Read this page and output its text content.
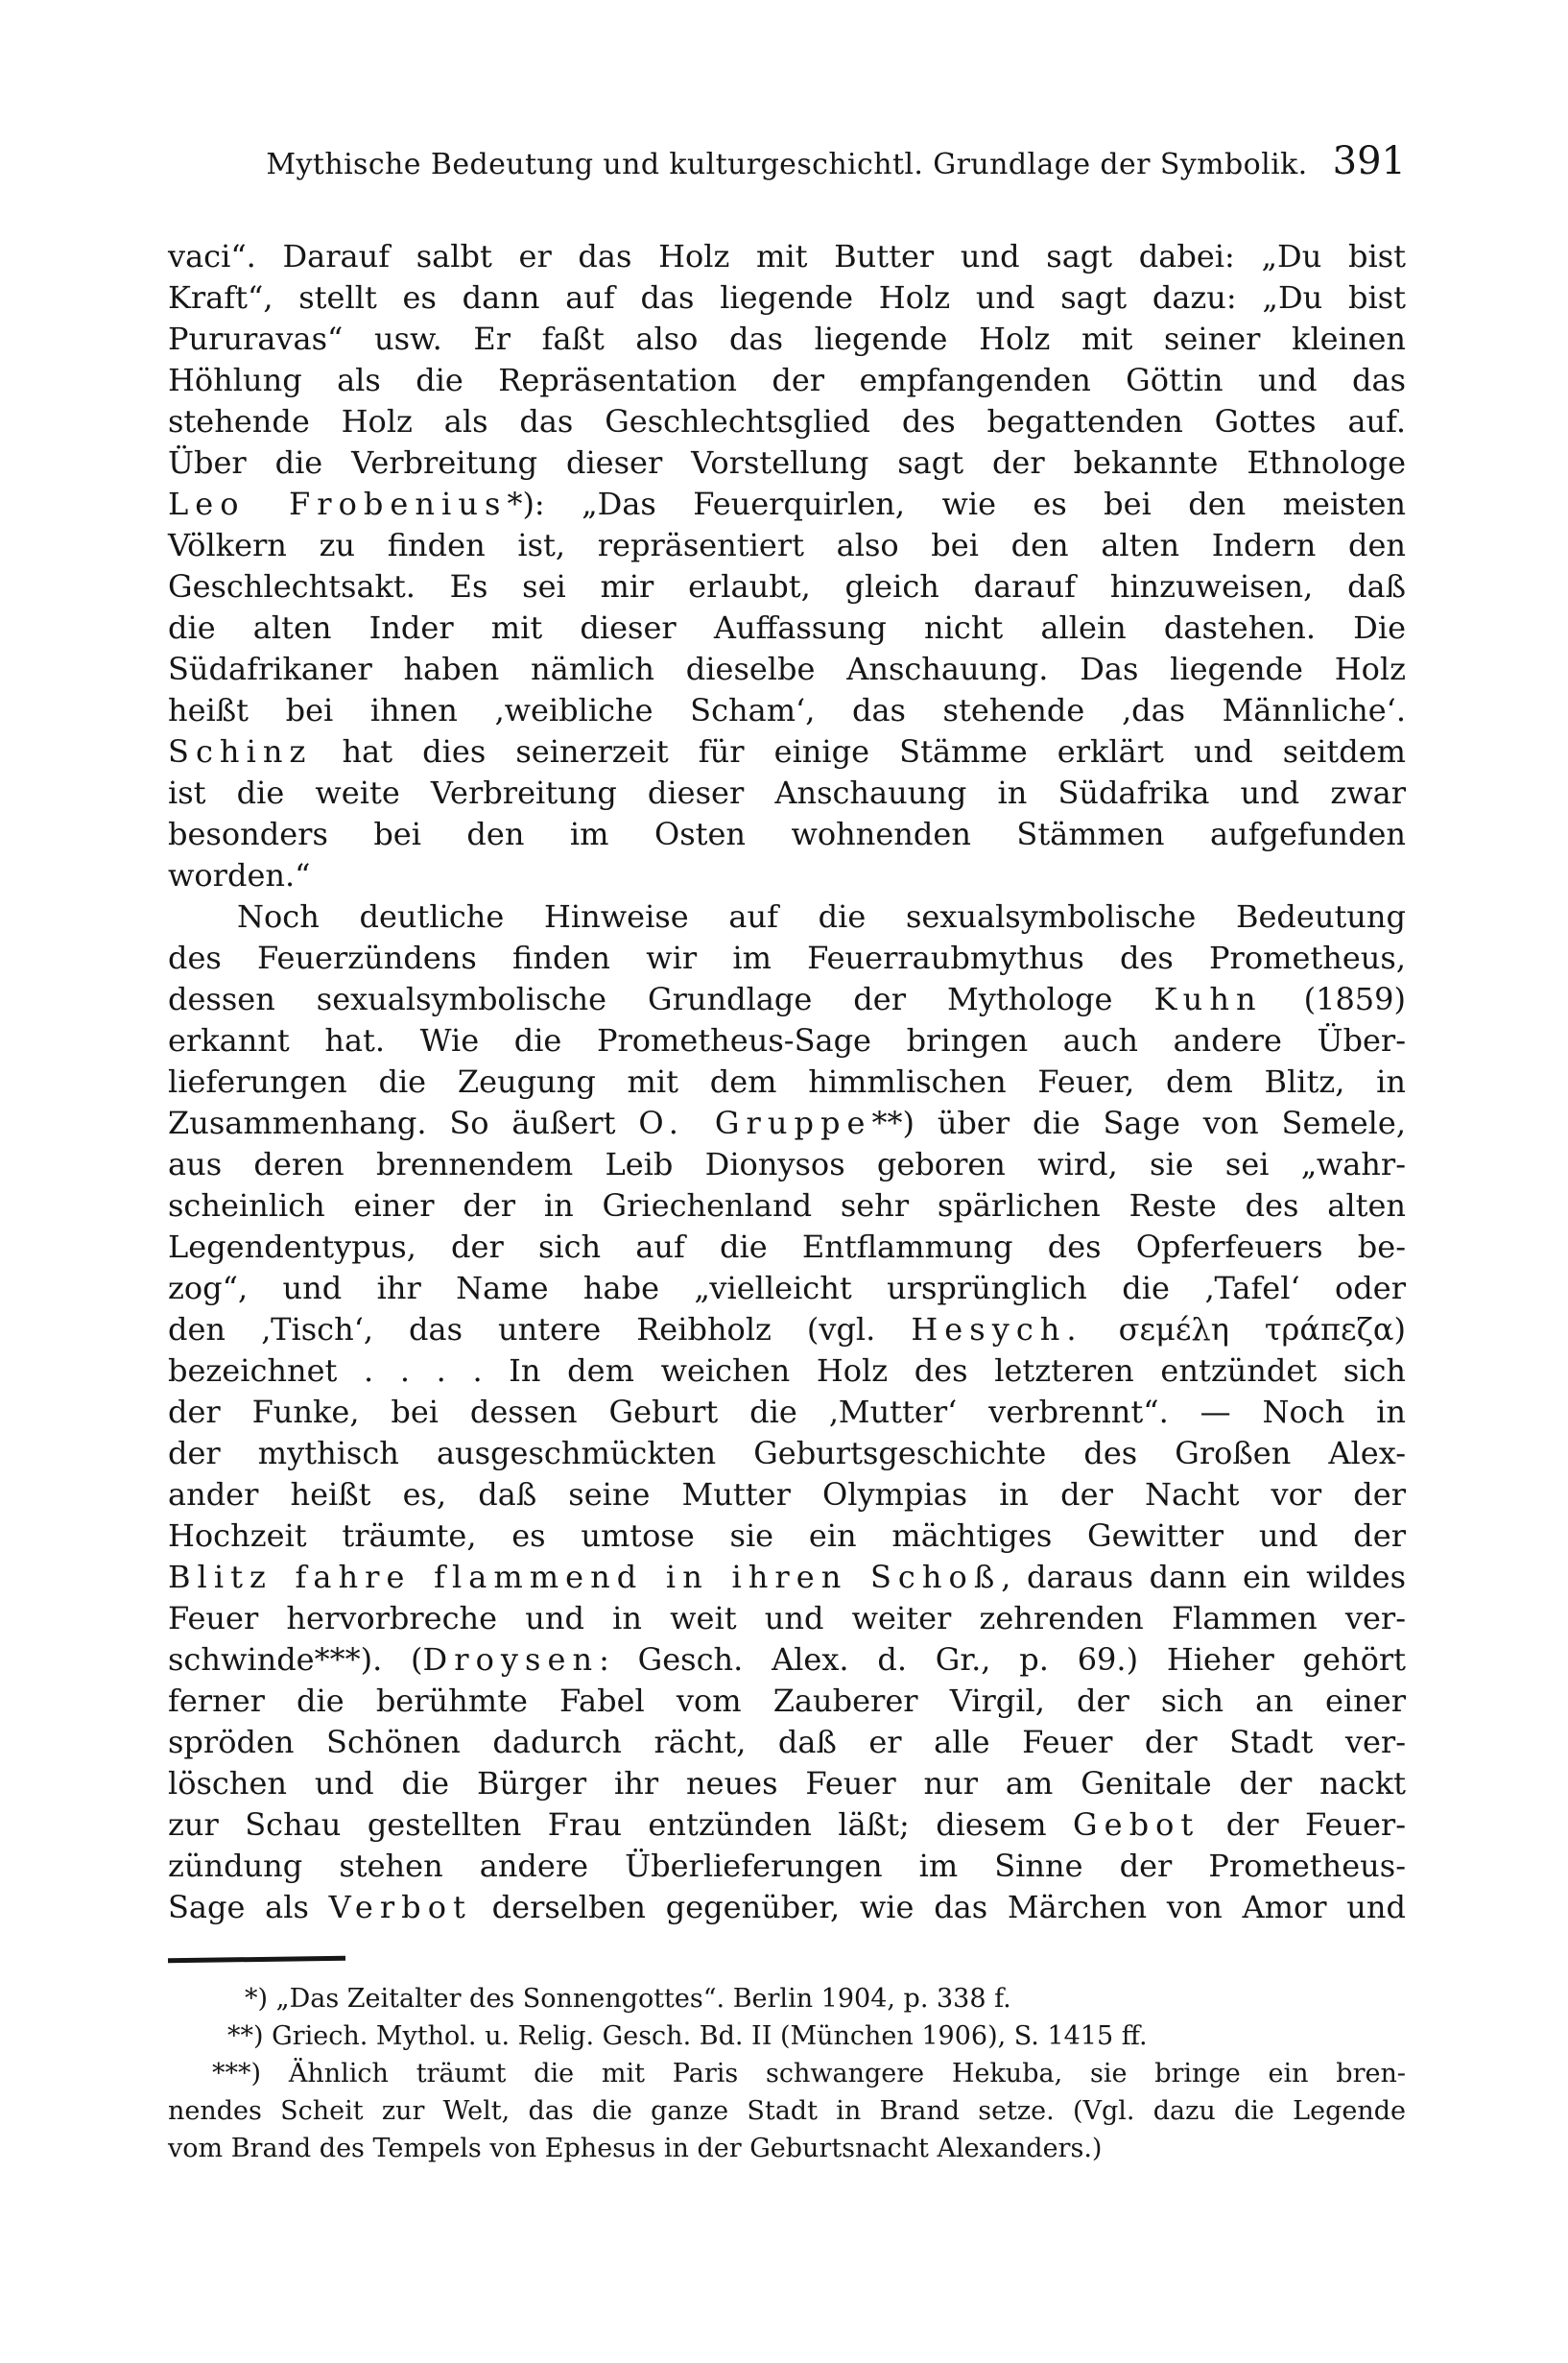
Mythische Bedeutung und kulturgeschichtl. Grundlage der Symbolik. 391
vaci“. Darauf salbt er das Holz mit Butter und sagt dabei: „Du bist
Kraft“, stellt es dann auf das liegende Holz und sagt dazu: „Du bist
Pururavas“ usw. Er faßt also das liegende Holz mit seiner kleinen
Höhlung als die Repräsentation der empfangenden Göttin und das
stehende Holz als das Geschlechtsglied des begattenden Gottes auf.
Über die Verbreitung dieser Vorstellung sagt der bekannte Ethnologe
Leo Frobenius*): „Das Feuerquirlen, wie es bei den meisten
Völkern zu finden ist, repräsentiert also bei den alten Indern den
Geschlechtsakt. Es sei mir erlaubt, gleich darauf hinzuweisen, daß
die alten Inder mit dieser Auffassung nicht allein dastehen. Die
Südafrikaner haben nämlich dieselbe Anschauung. Das liegende Holz
heißt bei ihnen ‚weibliche Scham‘, das stehende ‚das Männliche‘.
Schinz hat dies seinerzeit für einige Stämme erklärt und seitdem
ist die weite Verbreitung dieser Anschauung in Südafrika und zwar
besonders bei den im Osten wohnenden Stämmen aufgefunden
worden.“
Noch deutliche Hinweise auf die sexualsymbolische Bedeutung
des Feuerzündens finden wir im Feuerraubmythus des Prometheus,
dessen sexualsymbolische Grundlage der Mythologe Kuhn (1859)
erkannt hat. Wie die Prometheus-Sage bringen auch andere Über-
lieferungen die Zeugung mit dem himmlischen Feuer, dem Blitz, in
Zusammenhang. So äußert O. Gruppe**) über die Sage von Semele,
aus deren brennendem Leib Dionysos geboren wird, sie sei „wahr-
scheinlich einer der in Griechenland sehr spärlichen Reste des alten
Legendentypus, der sich auf die Entflammung des Opferfeuers be-
zog“, und ihr Name habe „vielleicht ursprünglich die ‚Tafel‘ oder
den ‚Tisch‘, das untere Reibholz (vgl. Hesych. σεμέλη τράπεζα)
bezeichnet . . . . In dem weichen Holz des letzteren entzündet sich
der Funke, bei dessen Geburt die ‚Mutter‘ verbrennt“. — Noch in
der mythisch ausgeschmückten Geburtsgeschichte des Großen Alex-
ander heißt es, daß seine Mutter Olympias in der Nacht vor der
Hochzeit träumte, es umtose sie ein mächtiges Gewitter und der
Blitz fahre flammend in ihren Schoß, daraus dann ein wildes
Feuer hervorbreche und in weit und weiter zehrenden Flammen ver-
schwinde***). (Droysen: Gesch. Alex. d. Gr., p. 69.) Hieher gehört
ferner die berühmte Fabel vom Zauberer Virgil, der sich an einer
spröden Schönen dadurch rächt, daß er alle Feuer der Stadt ver-
löschen und die Bürger ihr neues Feuer nur am Genitale der nackt
zur Schau gestellten Frau entzünden läßt; diesem Gebot der Feuer-
zündung stehen andere Überlieferungen im Sinne der Prometheus-
Sage als Verbot derselben gegenüber, wie das Märchen von Amor und
*) „Das Zeitalter des Sonnengottes“. Berlin 1904, p. 338 f.
**) Griech. Mythol. u. Relig. Gesch. Bd. II (München 1906), S. 1415 ff.
***) Ähnlich träumt die mit Paris schwangere Hekuba, sie bringe ein bren-
nendes Scheit zur Welt, das die ganze Stadt in Brand setze. (Vgl. dazu die Legende
vom Brand des Tempels von Ephesus in der Geburtsnacht Alexanders.)
